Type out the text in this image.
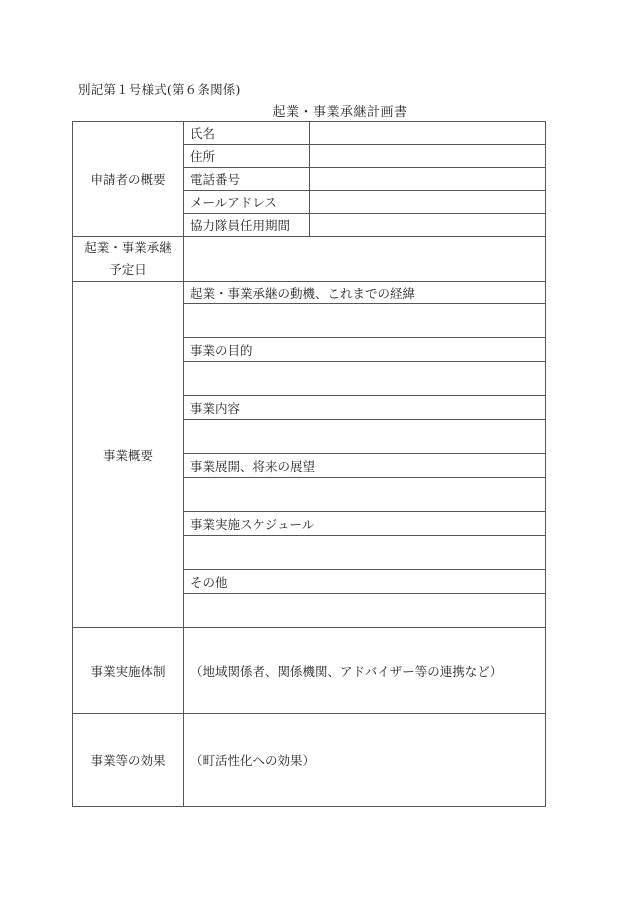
別記第１号様式(第６条関係)
起業・事業承継計画書
申請者の概要	氏名	
	住所	
	電話番号	
	メールアドレス	
	協力隊員任用期間	

起業・事業承継
予定日		

事業概要	起業・事業承継の動機、これまでの経緯	

	事業の目的	

	事業内容	

	事業展開、将来の展望	

	事業実施スケジュール	

	その他	

事業実施体制	（地域関係者、関係機関、アドバイザー等の連携など）	
事業等の効果	（町活性化への効果）	
